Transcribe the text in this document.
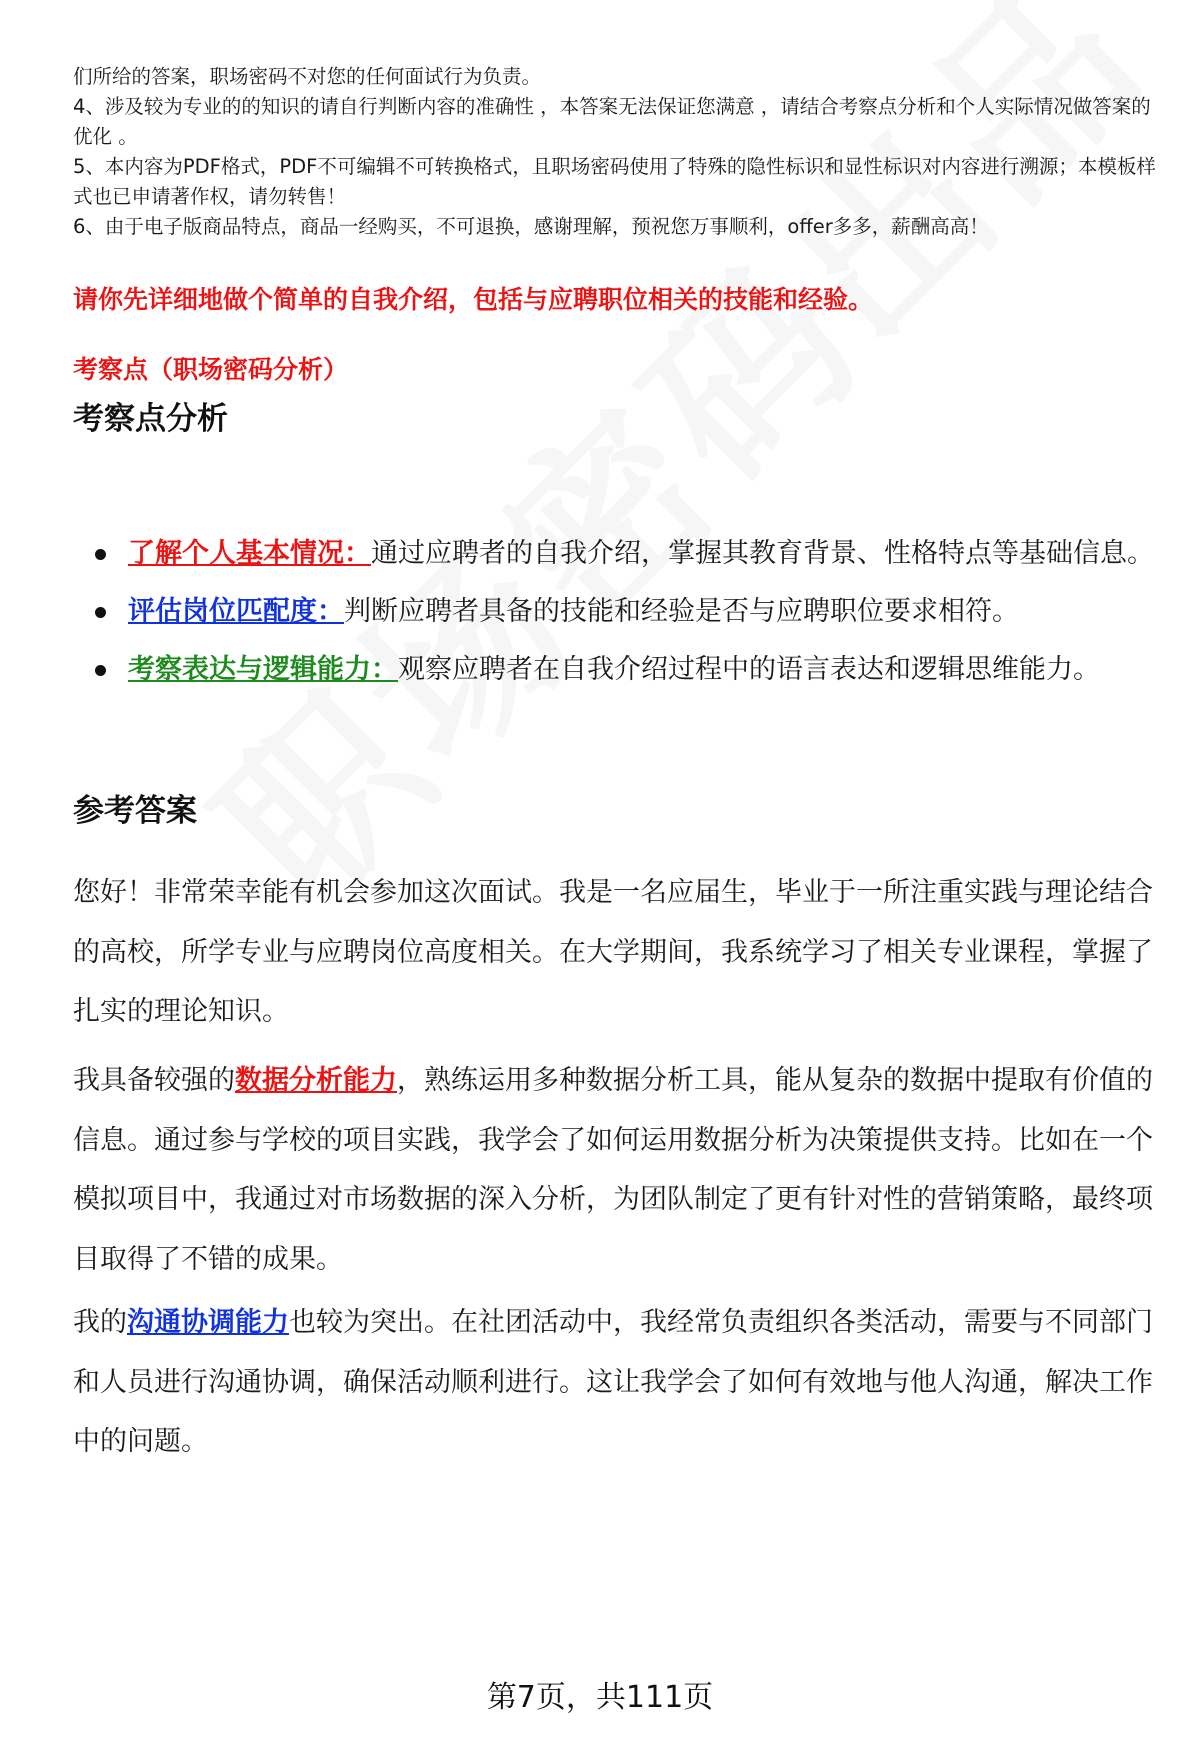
们所给的答案，职场密码不对您的任何面试行为负责。

4、涉及较为专业的的知识的请自行判断内容的准确性 ，本答案无法保证您满意 ，请结合考察点分析和个人实际情况做答案的优化 。

5、本内容为PDF格式，PDF不可编辑不可转换格式，且职场密码使用了特殊的隐性标识和显性标识对内容进行溯源；本模板样式也已申请著作权，请勿转售！

6、由于电子版商品特点，商品一经购买，不可退换，感谢理解，预祝您万事顺利，offer多多，薪酬高高！

请你先详细地做个简单的自我介绍，包括与应聘职位相关的技能和经验。
考察点（职场密码分析）
考察点分析
了解个人基本情况：通过应聘者的自我介绍，掌握其教育背景、性格特点等基础信息。
评估岗位匹配度：判断应聘者具备的技能和经验是否与应聘职位要求相符。
考察表达与逻辑能力：观察应聘者在自我介绍过程中的语言表达和逻辑思维能力。
参考答案

您好！非常荣幸能有机会参加这次面试。我是一名应届生，毕业于一所注重实践与理论结合的高校，所学专业与应聘岗位高度相关。在大学期间，我系统学习了相关专业课程，掌握了扎实的理论知识。

我具备较强的数据分析能力，熟练运用多种数据分析工具，能从复杂的数据中提取有价值的信息。通过参与学校的项目实践，我学会了如何运用数据分析为决策提供支持。比如在一个模拟项目中，我通过对市场数据的深入分析，为团队制定了更有针对性的营销策略，最终项目取得了不错的成果。

我的沟通协调能力也较为突出。在社团活动中，我经常负责组织各类活动，需要与不同部门和人员进行沟通协调，确保活动顺利进行。这让我学会了如何有效地与他人沟通，解决工作中的问题。

第7页，共111页
